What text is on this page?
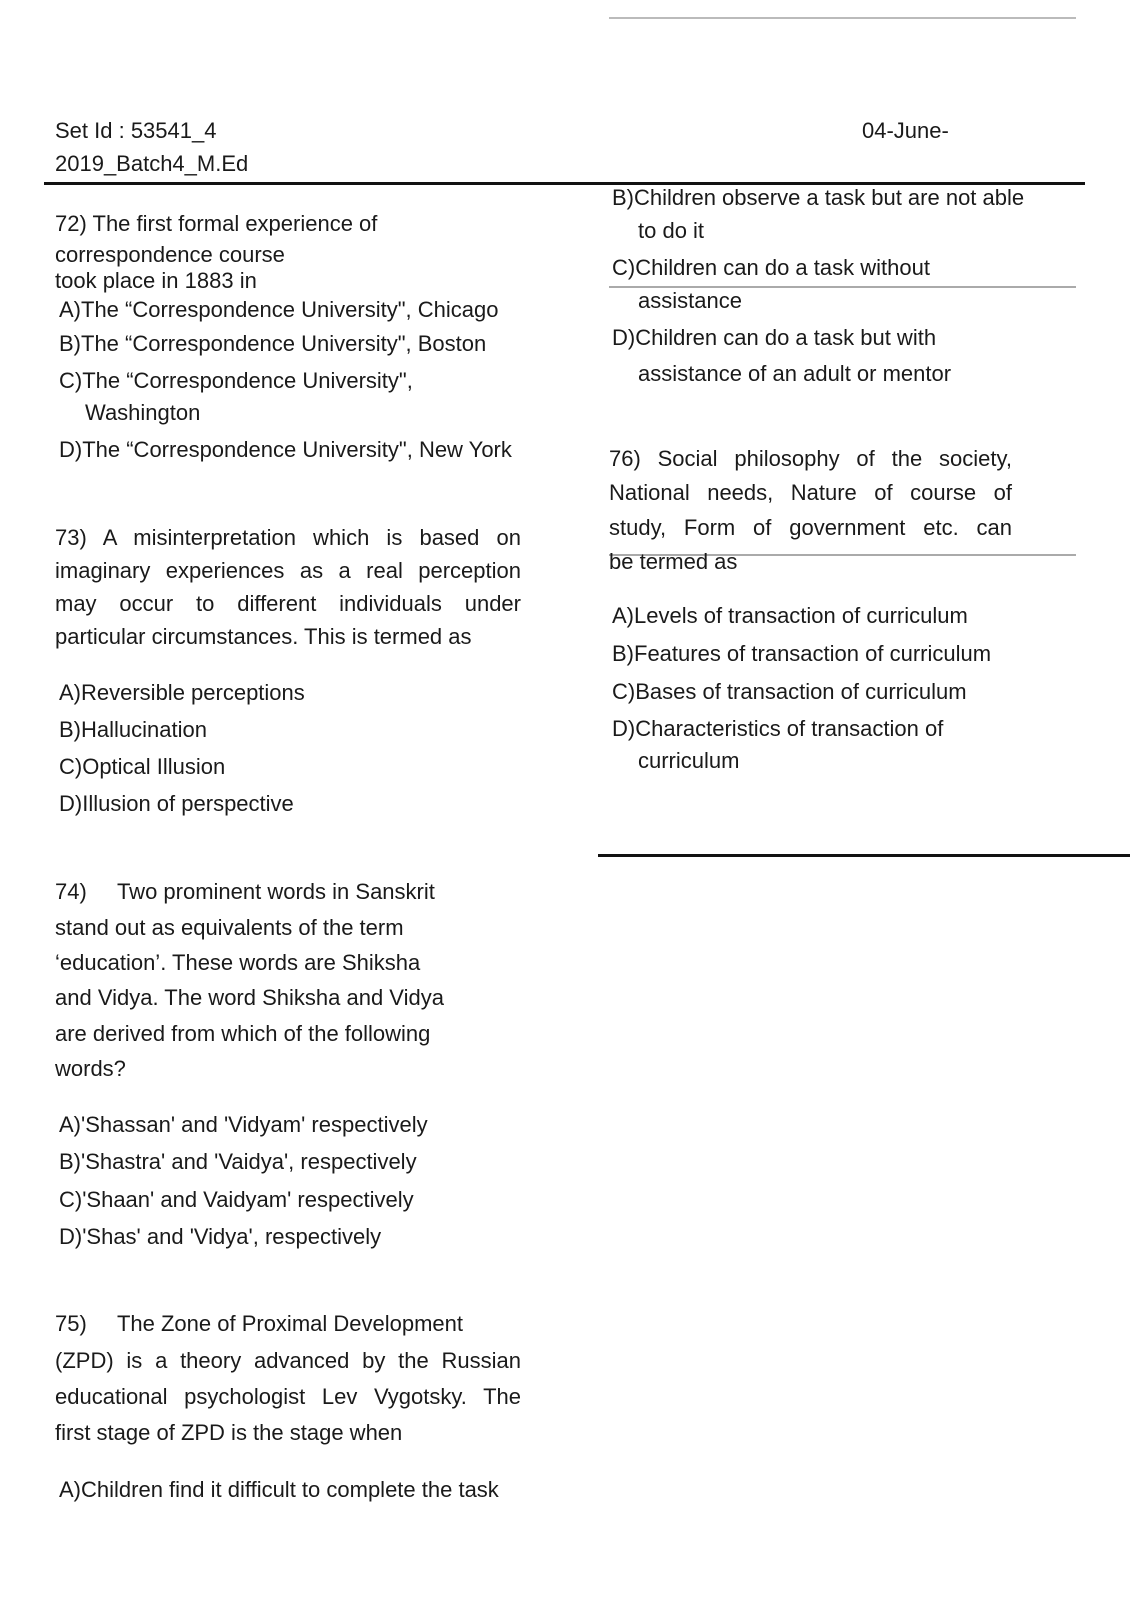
Set Id : 53541_4
2019_Batch4_M.Ed
04-June-
72) The first formal experience of
correspondence course
took place in 1883 in
A)The “Correspondence University", Chicago
B)The “Correspondence University", Boston
C)The “Correspondence University",
Washington
D)The “Correspondence University", New York
73) A misinterpretation which is based on
imaginary experiences as a real perception
may occur to different individuals under
particular circumstances. This is termed as
A)Reversible perceptions
B)Hallucination
C)Optical Illusion
D)Illusion of perspective
74)     Two prominent words in Sanskrit
stand out as equivalents of the term
‘education’. These words are Shiksha
and Vidya. The word Shiksha and Vidya
are derived from which of the following
words?
A)'Shassan' and 'Vidyam' respectively
B)'Shastra' and 'Vaidya', respectively
C)'Shaan' and Vaidyam' respectively
D)'Shas' and 'Vidya', respectively
75)     The Zone of Proximal Development
(ZPD) is a theory advanced by the Russian
educational psychologist Lev Vygotsky. The
first stage of ZPD is the stage when
A)Children find it difficult to complete the task
B)Children observe a task but are not able
to do it
C)Children can do a task without
assistance
D)Children can do a task but with
assistance of an adult or mentor
76) Social philosophy of the society,
National needs, Nature of course of
study, Form of government etc. can
be termed as
A)Levels of transaction of curriculum
B)Features of transaction of curriculum
C)Bases of transaction of curriculum
D)Characteristics of transaction of
curriculum
